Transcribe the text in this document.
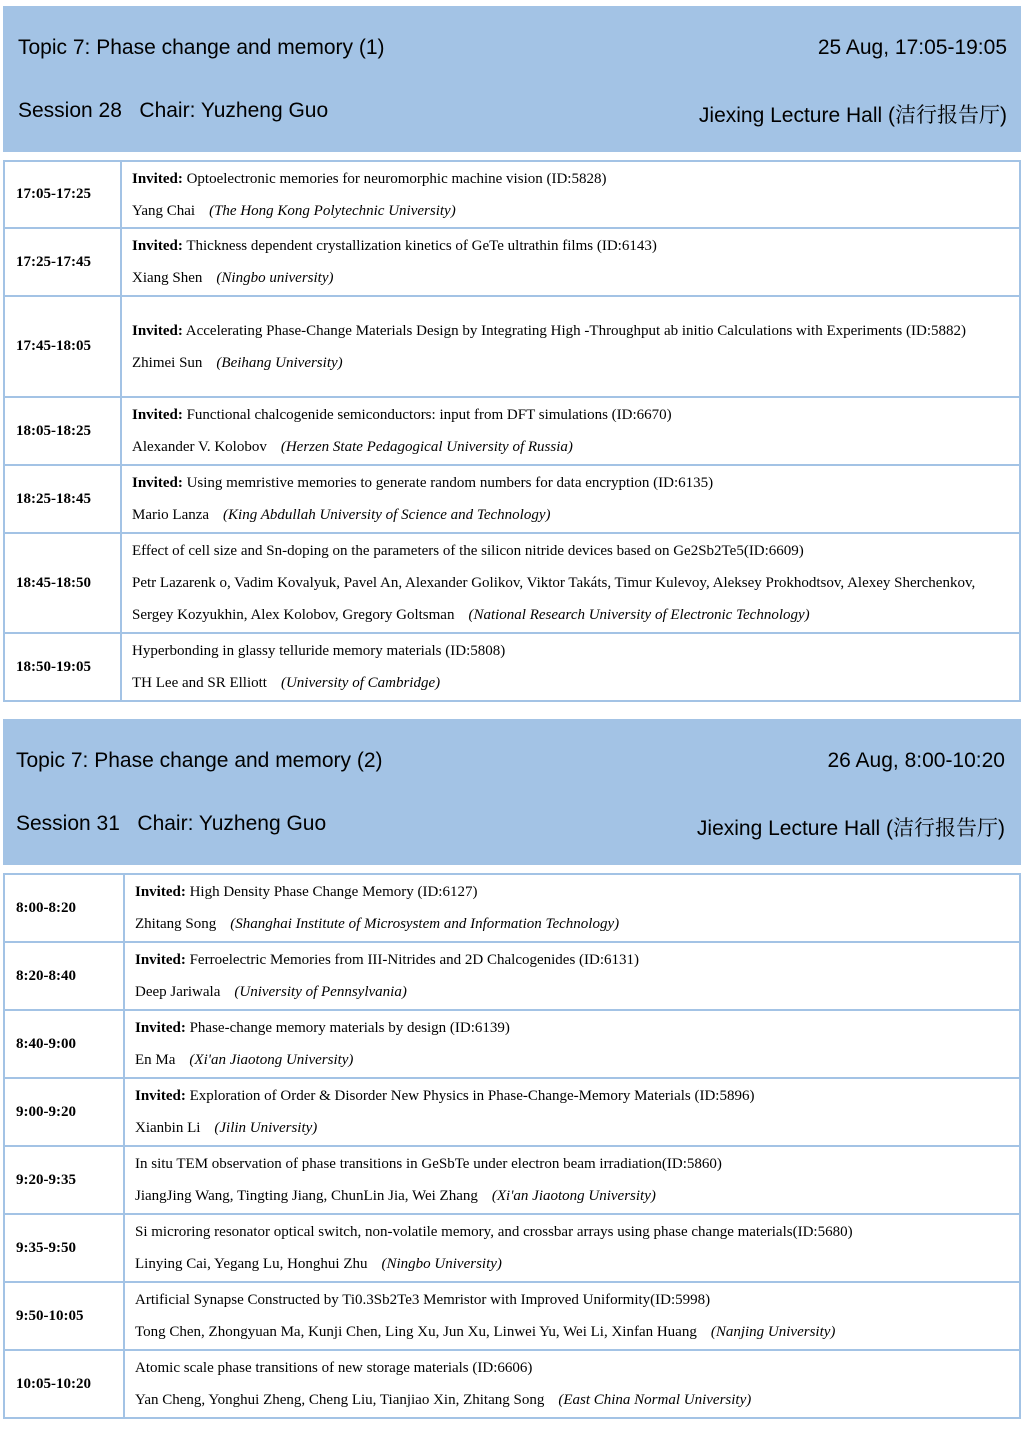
Topic 7: Phase change and memory (1)	25 Aug, 17:05-19:05
Session 28   Chair: Yuzheng Guo	Jiexing Lecture Hall (洁行报告厅)
17:05-17:25	Invited: Optoelectronic memories for neuromorphic machine vision (ID:5828)
Yang Chai (The Hong Kong Polytechnic University)

17:25-17:45	Invited: Thickness dependent crystallization kinetics of GeTe ultrathin films (ID:6143)
Xiang Shen (Ningbo university)

17:45-18:05	Invited: Accelerating Phase-Change Materials Design by Integrating High -Throughput ab initio Calculations with Experiments (ID:5882)
Zhimei Sun (Beihang University)

18:05-18:25	Invited: Functional chalcogenide semiconductors: input from DFT simulations (ID:6670)
Alexander V. Kolobov (Herzen State Pedagogical University of Russia)

18:25-18:45	Invited: Using memristive memories to generate random numbers for data encryption (ID:6135)
Mario Lanza (King Abdullah University of Science and Technology)

18:45-18:50	Effect of cell size and Sn-doping on the parameters of the silicon nitride devices based on Ge2Sb2Te5(ID:6609)
Petr Lazarenk o, Vadim Kovalyuk, Pavel An, Alexander Golikov, Viktor Takáts, Timur Kulevoy, Aleksey Prokhodtsov, Alexey Sherchenkov, Sergey Kozyukhin, Alex Kolobov, Gregory Goltsman (National Research University of Electronic Technology)

18:50-19:05	Hyperbonding in glassy telluride memory materials (ID:5808)
TH Lee and SR Elliott (University of Cambridge)
Topic 7: Phase change and memory (2)	26 Aug, 8:00-10:20
Session 31   Chair: Yuzheng Guo	Jiexing Lecture Hall (洁行报告厅)
8:00-8:20	Invited: High Density Phase Change Memory (ID:6127)
Zhitang Song (Shanghai Institute of Microsystem and Information Technology)

8:20-8:40	Invited: Ferroelectric Memories from III-Nitrides and 2D Chalcogenides (ID:6131)
Deep Jariwala (University of Pennsylvania)

8:40-9:00	Invited: Phase-change memory materials by design (ID:6139)
En Ma (Xi'an Jiaotong University)

9:00-9:20	Invited: Exploration of Order & Disorder New Physics in Phase-Change-Memory Materials (ID:5896)
Xianbin Li (Jilin University)

9:20-9:35	In situ TEM observation of phase transitions in GeSbTe under electron beam irradiation(ID:5860)
JiangJing Wang, Tingting Jiang, ChunLin Jia, Wei Zhang (Xi'an Jiaotong University)

9:35-9:50	Si microring resonator optical switch, non-volatile memory, and crossbar arrays using phase change materials(ID:5680)
Linying Cai, Yegang Lu, Honghui Zhu (Ningbo University)

9:50-10:05	Artificial Synapse Constructed by Ti0.3Sb2Te3 Memristor with Improved Uniformity(ID:5998)
Tong Chen, Zhongyuan Ma, Kunji Chen, Ling Xu, Jun Xu, Linwei Yu, Wei Li, Xinfan Huang (Nanjing University)

10:05-10:20	Atomic scale phase transitions of new storage materials (ID:6606)
Yan Cheng, Yonghui Zheng, Cheng Liu, Tianjiao Xin, Zhitang Song (East China Normal University)
